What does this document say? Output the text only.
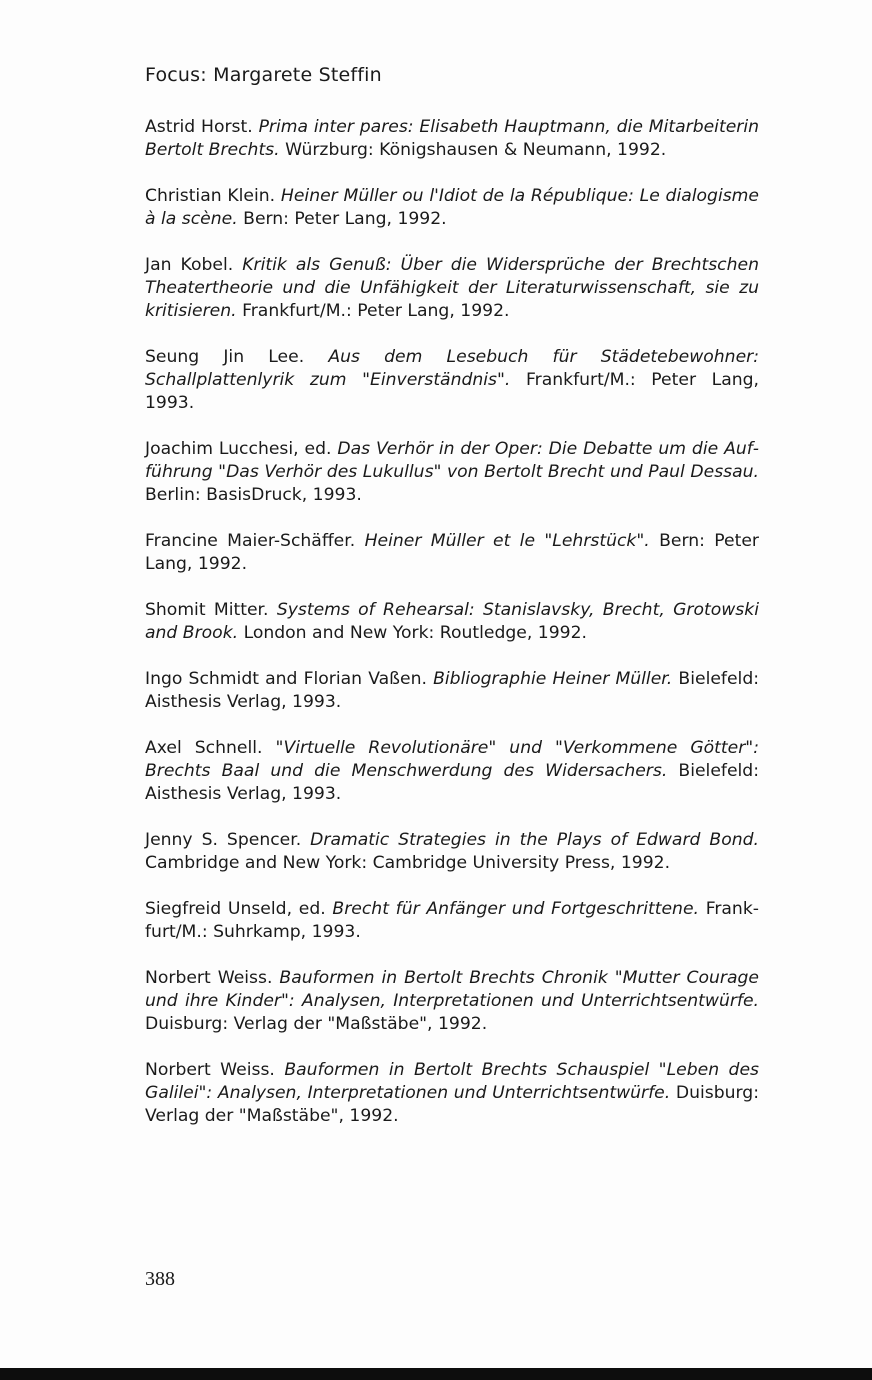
Focus: Margarete Steffin

Astrid Horst. Prima inter pares: Elisabeth Hauptmann, die Mitarbeiterin Bertolt Brechts. Würzburg: Königshausen & Neumann, 1992.

Christian Klein. Heiner Müller ou l'Idiot de la République: Le dialogisme à la scène. Bern: Peter Lang, 1992.

Jan Kobel. Kritik als Genuß: Über die Widersprüche der Brechtschen Theatertheorie und die Unfähigkeit der Literaturwissenschaft, sie zu kritisieren. Frankfurt/M.: Peter Lang, 1992.

Seung Jin Lee. Aus dem Lesebuch für Städetebewohner: Schallplattenlyrik zum "Einverständnis". Frankfurt/M.: Peter Lang, 1993.

Joachim Lucchesi, ed. Das Verhör in der Oper: Die Debatte um die Aufführung "Das Verhör des Lukullus" von Bertolt Brecht und Paul Dessau. Berlin: BasisDruck, 1993.

Francine Maier-Schäffer. Heiner Müller et le "Lehrstück". Bern: Peter Lang, 1992.

Shomit Mitter. Systems of Rehearsal: Stanislavsky, Brecht, Grotowski and Brook. London and New York: Routledge, 1992.

Ingo Schmidt and Florian Vaßen. Bibliographie Heiner Müller. Bielefeld: Aisthesis Verlag, 1993.

Axel Schnell. "Virtuelle Revolutionäre" und "Verkommene Götter": Brechts Baal und die Menschwerdung des Widersachers. Bielefeld: Aisthesis Verlag, 1993.

Jenny S. Spencer. Dramatic Strategies in the Plays of Edward Bond. Cambridge and New York: Cambridge University Press, 1992.

Siegfreid Unseld, ed. Brecht für Anfänger und Fortgeschrittene. Frankfurt/M.: Suhrkamp, 1993.

Norbert Weiss. Bauformen in Bertolt Brechts Chronik "Mutter Courage und ihre Kinder": Analysen, Interpretationen und Unterrichtsentwürfe. Duisburg: Verlag der "Maßstäbe", 1992.

Norbert Weiss. Bauformen in Bertolt Brechts Schauspiel "Leben des Galilei": Analysen, Interpretationen und Unterrichtsentwürfe. Duisburg: Verlag der "Maßstäbe", 1992.

388
